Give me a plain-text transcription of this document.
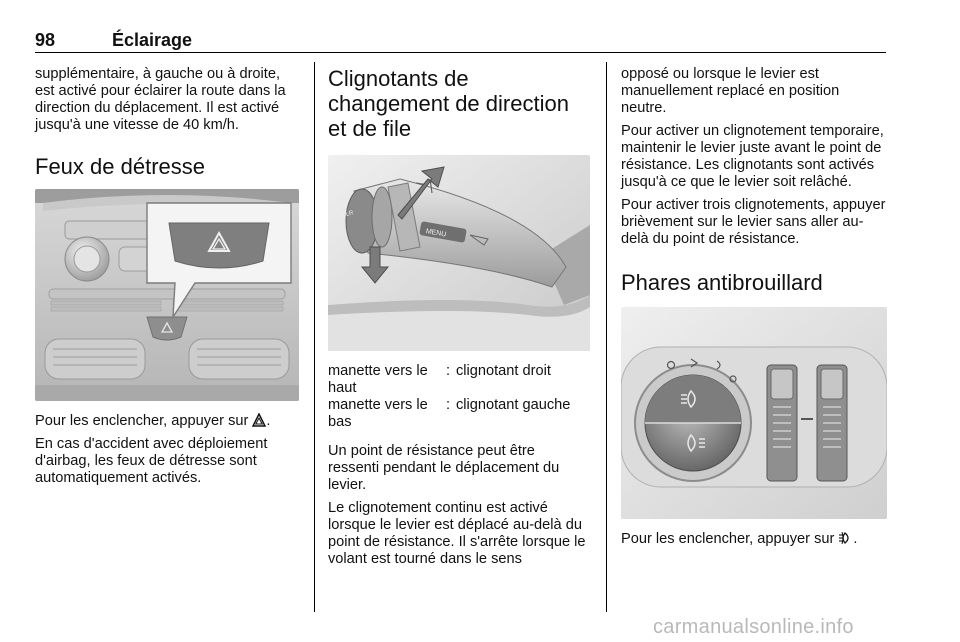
98	Éclairage

supplémentaire, à gauche ou à droite, est activé pour éclairer la route dans la direction du déplacement. Il est activé jusqu'à une vitesse de 40 km/h.

Feux de détresse

Pour les enclencher, appuyer sur .

En cas d'accident avec déploiement d'airbag, les feux de détresse sont automatiquement activés.

Clignotants de changement de direction et de file
CLR
MENU
manette vers le haut	:	clignotant droit
manette vers le bas	:	clignotant gauche

Un point de résistance peut être ressenti pendant le déplacement du levier.

Le clignotement continu est activé lorsque le levier est déplacé au-delà du point de résistance. Il s'arrête lorsque le volant est tourné dans le sens

opposé ou lorsque le levier est manuellement replacé en position neutre.

Pour activer un clignotement temporaire, maintenir le levier juste avant le point de résistance. Les clignotants sont activés jusqu'à ce que le levier soit relâché.

Pour activer trois clignotements, appuyer brièvement sur le levier sans aller au-delà du point de résistance.

Phares antibrouillard

Pour les enclencher, appuyer sur .

carmanualsonline.info
